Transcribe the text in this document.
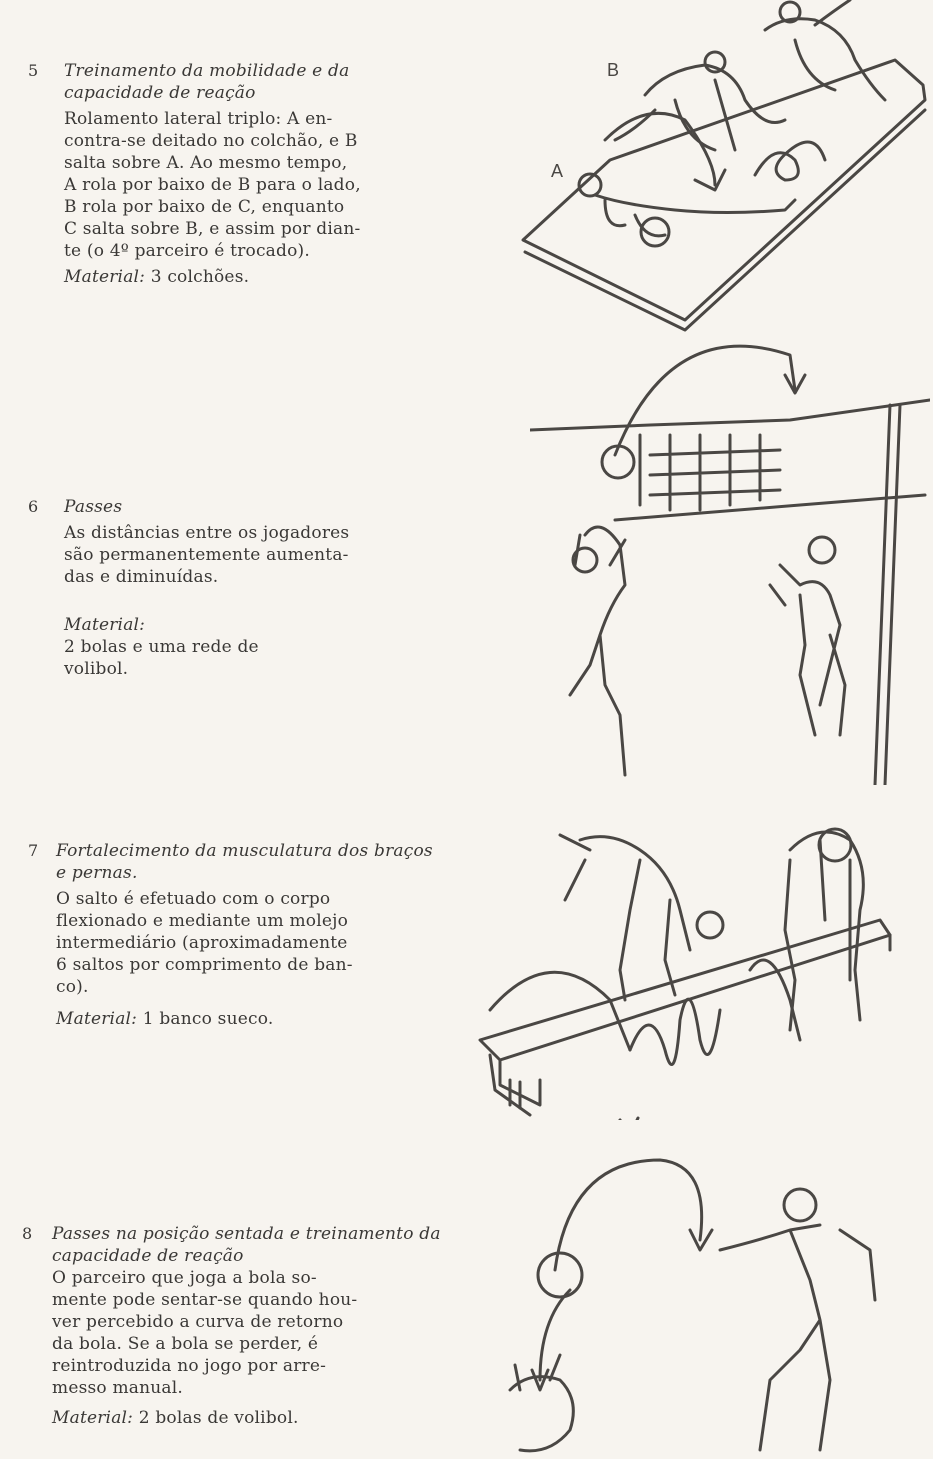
5 Treinamento da mobilidade e da capacidade de reação

Rolamento lateral triplo: A en-
contra-se deitado no colchão, e B
salta sobre A. Ao mesmo tempo,
A rola por baixo de B para o lado,
B rola por baixo de C, enquanto
C salta sobre B, e assim por dian-
te (o 4º parceiro é trocado).

Material: 3 colchões.

6 Passes

As distâncias entre os jogadores
são permanentemente aumenta-
das e diminuídas.

Material:
2 bolas e uma rede de
volibol.

7 Fortalecimento da musculatura dos braços e pernas.

O salto é efetuado com o corpo
flexionado e mediante um molejo
intermediário (aproximadamente
6 saltos por comprimento de ban-
co).

Material: 1 banco sueco.

8 Passes na posição sentada e treinamento da capacidade de reação

O parceiro que joga a bola so-
mente pode sentar-se quando hou-
ver percebido a curva de retorno
da bola. Se a bola se perder, é
reintroduzida no jogo por arre-
messo manual.

Material: 2 bolas de volibol.

A
B
